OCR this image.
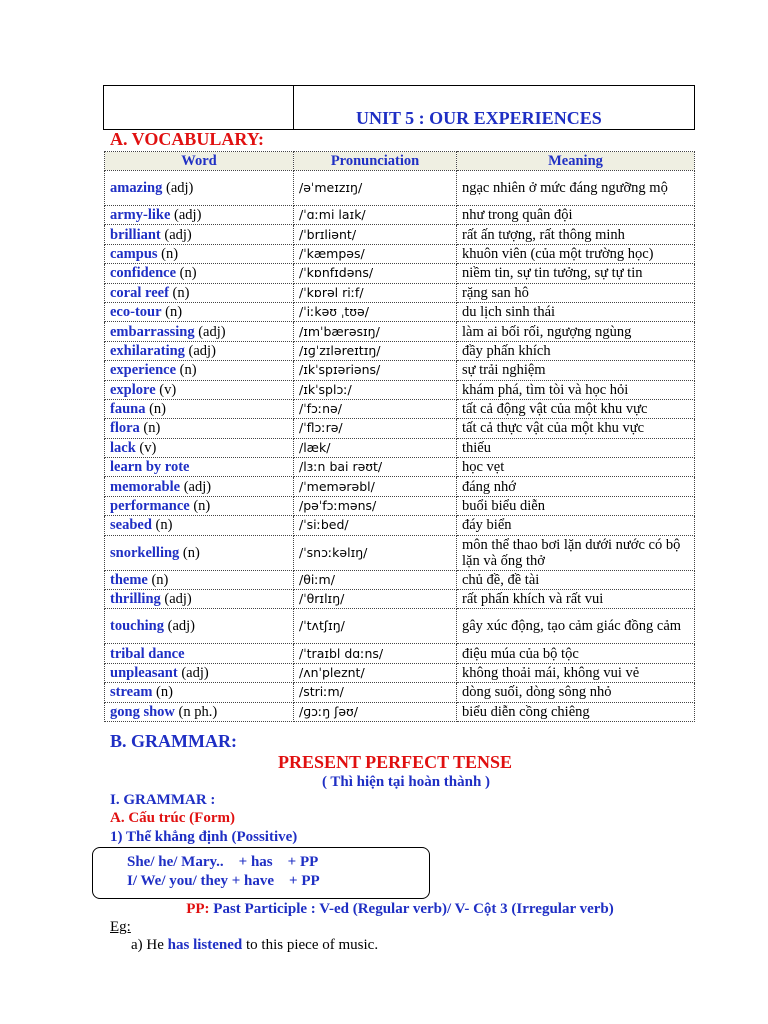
UNIT 5 : OUR EXPERIENCES
A. VOCABULARY:
Word	Pronunciation	Meaning
amazing (adj)	/əˈmeɪzɪŋ/	ngạc nhiên ở mức đáng ngưỡng mộ
army-like (adj)	/ˈɑːmi laɪk/	như trong quân đội
brilliant (adj)	/ˈbrɪliənt/	rất ấn tượng, rất thông minh
campus (n)	/ˈkæmpəs/	khuôn viên (của một trường học)
confidence (n)	/ˈkɒnfɪdəns/	niềm tin, sự tin tưởng, sự tự tin
coral reef (n)	/ˈkɒrəl riːf/	rặng san hô
eco-tour (n)	/ˈiːkəʊ ˌtʊə/	du lịch sinh thái
embarrassing (adj)	/ɪmˈbærəsɪŋ/	làm ai bối rối, ngượng ngùng
exhilarating (adj)	/ɪɡˈzɪləreɪtɪŋ/	đầy phấn khích
experience (n)	/ɪkˈspɪəriəns/	sự trải nghiệm
explore (v)	/ɪkˈsplɔː/	khám phá, tìm tòi và học hỏi
fauna (n)	/ˈfɔːnə/	tất cả động vật của một khu vực
flora (n)	/ˈflɔːrə/	tất cả thực vật của một khu vực
lack (v)	/læk/	thiếu
learn by rote	/lɜːn bai rəʊt/	học vẹt
memorable (adj)	/ˈmemərəbl/	đáng nhớ
performance (n)	/pəˈfɔːməns/	buổi biểu diễn
seabed (n)	/ˈsiːbed/	đáy biển
snorkelling (n)	/ˈsnɔːkəlɪŋ/	môn thể thao bơi lặn dưới nước có bộ lặn và ống thở
theme (n)	/θiːm/	chủ đề, đề tài
thrilling (adj)	/ˈθrɪlɪŋ/	rất phấn khích và rất vui
touching (adj)	/ˈtʌtʃɪŋ/	gây xúc động, tạo cảm giác đồng cảm
tribal dance	/ˈtraɪbl dɑːns/	điệu múa của bộ tộc
unpleasant (adj)	/ʌnˈpleznt/	không thoải mái, không vui vẻ
stream (n)	/striːm/	dòng suối, dòng sông nhỏ
gong show (n ph.)	/ɡɔːŋ ʃəʊ/	biểu diễn cồng chiêng
B. GRAMMAR:
PRESENT PERFECT TENSE
( Thì hiện tại hoàn thành )
I. GRAMMAR :
A. Cấu trúc (Form)
1) Thể khẳng định (Possitive)
She/ he/ Mary..    + has    + PP
I/ We/ you/ they + have    + PP
PP: Past Participle : V-ed (Regular verb)/ V- Cột 3 (Irregular verb)
Eg:
a) He has listened to this piece of music.
